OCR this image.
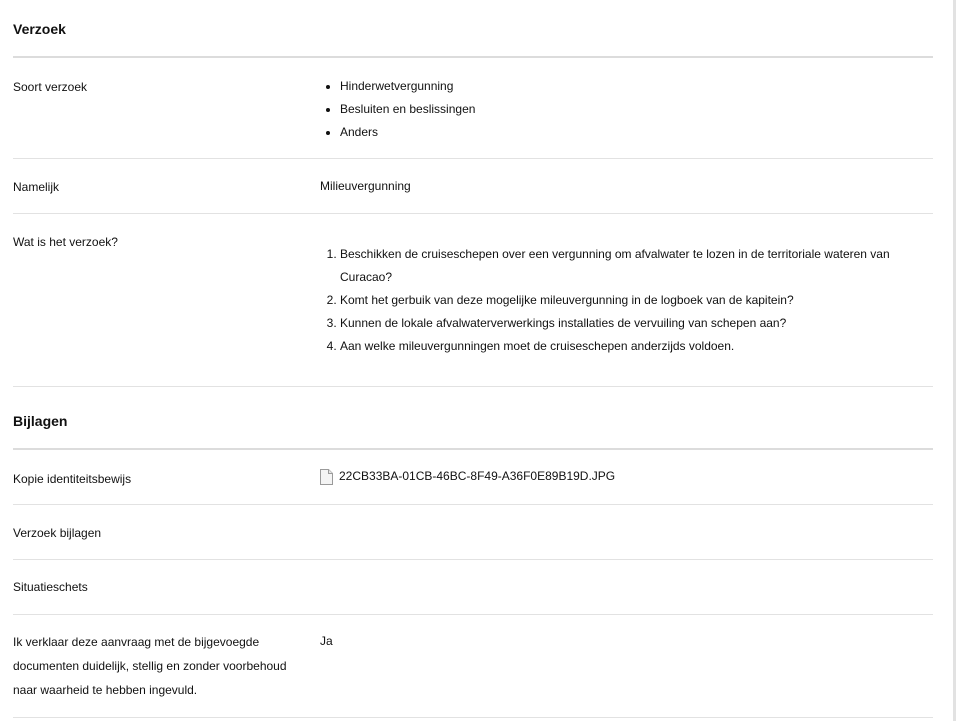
Verzoek
Soort verzoek
•	Hinderwetvergunning
• Besluiten en beslissingen
• Anders
Namelijk	Milieuvergunning
Wat is het verzoek?
1. Beschikken de cruiseschepen over een vergunning om afvalwater te lozen in de territoriale wateren van Curacao?
2. Komt het gerbuik van deze mogelijke mileuvergunning in de logboek van de kapitein?
3. Kunnen de lokale afvalwaterverwerkings installaties de vervuiling van schepen aan?
4. Aan welke mileuvergunningen moet de cruiseschepen anderzijds voldoen.
Bijlagen
Kopie identiteitsbewijs	22CB33BA-01CB-46BC-8F49-A36F0E89B19D.JPG
Verzoek bijlagen
Situatieschets
Ik verklaar deze aanvraag met de bijgevoegde documenten duidelijk, stellig en zonder voorbehoud naar waarheid te hebben ingevuld.
Ja
